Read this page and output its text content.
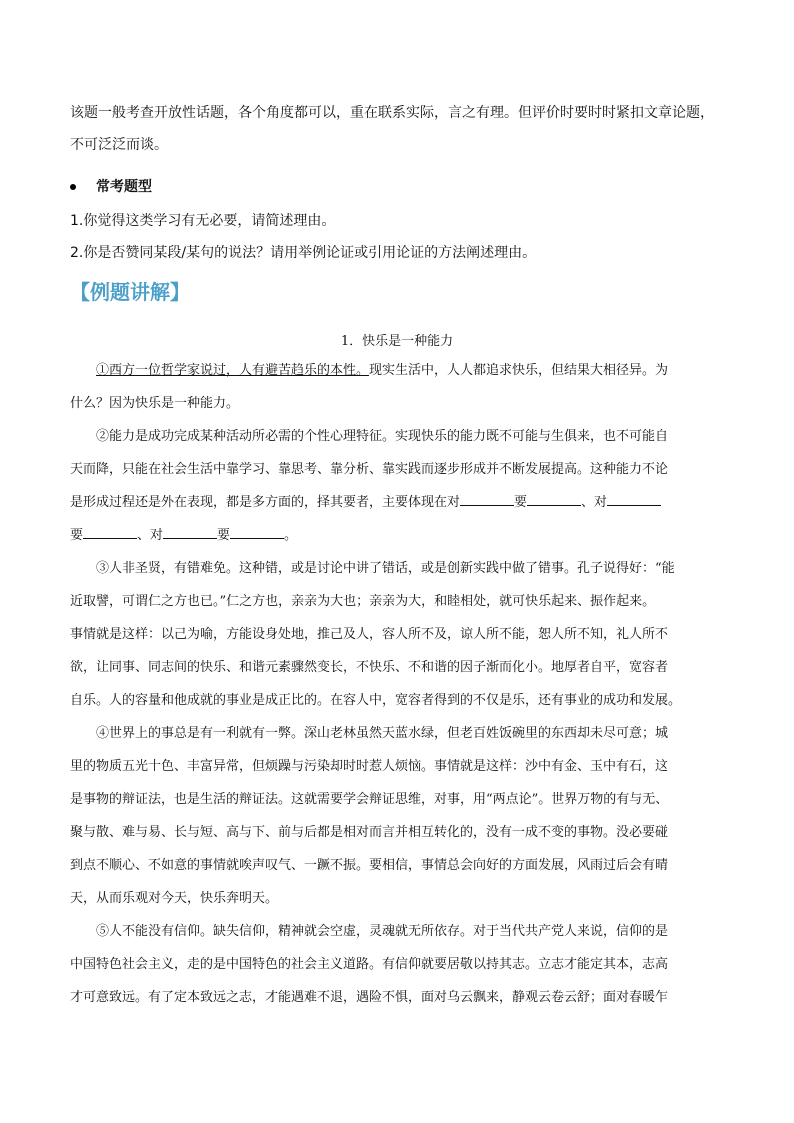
该题一般考查开放性话题，各个角度都可以，重在联系实际，言之有理。但评价时要时时紧扣文章论题，
不可泛泛而谈。
常考题型
1.你觉得这类学习有无必要，请简述理由。
2.你是否赞同某段/某句的说法？请用举例论证或引用论证的方法阐述理由。
【例题讲解】
1．快乐是一种能力
①西方一位哲学家说过，人有避苦趋乐的本性。现实生活中，人人都追求快乐，但结果大相径异。为
什么？因为快乐是一种能力。
②能力是成功完成某种活动所必需的个性心理特征。实现快乐的能力既不可能与生俱来，也不可能自
天而降，只能在社会生活中靠学习、靠思考、靠分析、靠实践而逐步形成并不断发展提高。这种能力不论
是形成过程还是外在表现，都是多方面的，择其要者，主要体现在对	要	、对
要	、对	要	。
③人非圣贤，有错难免。这种错，或是讨论中讲了错话，或是创新实践中做了错事。孔子说得好：“能
近取譬，可谓仁之方也已。”仁之方也，亲亲为大也；亲亲为大，和睦相处，就可快乐起来、振作起来。
事情就是这样：以己为喻，方能设身处地，推己及人，容人所不及，谅人所不能，恕人所不知，礼人所不
欲，让同事、同志间的快乐、和谐元素骤然变长，不快乐、不和谐的因子渐而化小。地厚者自平，宽容者
自乐。人的容量和他成就的事业是成正比的。在容人中，宽容者得到的不仅是乐，还有事业的成功和发展。
④世界上的事总是有一利就有一弊。深山老林虽然天蓝水绿，但老百姓饭碗里的东西却未尽可意；城
里的物质五光十色、丰富异常，但烦躁与污染却时时惹人烦恼。事情就是这样：沙中有金、玉中有石，这
是事物的辩证法，也是生活的辩证法。这就需要学会辩证思维，对事，用“两点论”。世界万物的有与无、
聚与散、难与易、长与短、高与下、前与后都是相对而言并相互转化的，没有一成不变的事物。没必要碰
到点不顺心、不如意的事情就唉声叹气、一蹶不振。要相信，事情总会向好的方面发展，风雨过后会有晴
天，从而乐观对今天，快乐奔明天。
⑤人不能没有信仰。缺失信仰，精神就会空虚，灵魂就无所依存。对于当代共产党人来说，信仰的是
中国特色社会主义，走的是中国特色的社会主义道路。有信仰就要居敬以持其志。立志才能定其本，志高
才可意致远。有了定本致远之志，才能遇难不退，遇险不惧，面对乌云飘来，静观云卷云舒；面对春暖乍
